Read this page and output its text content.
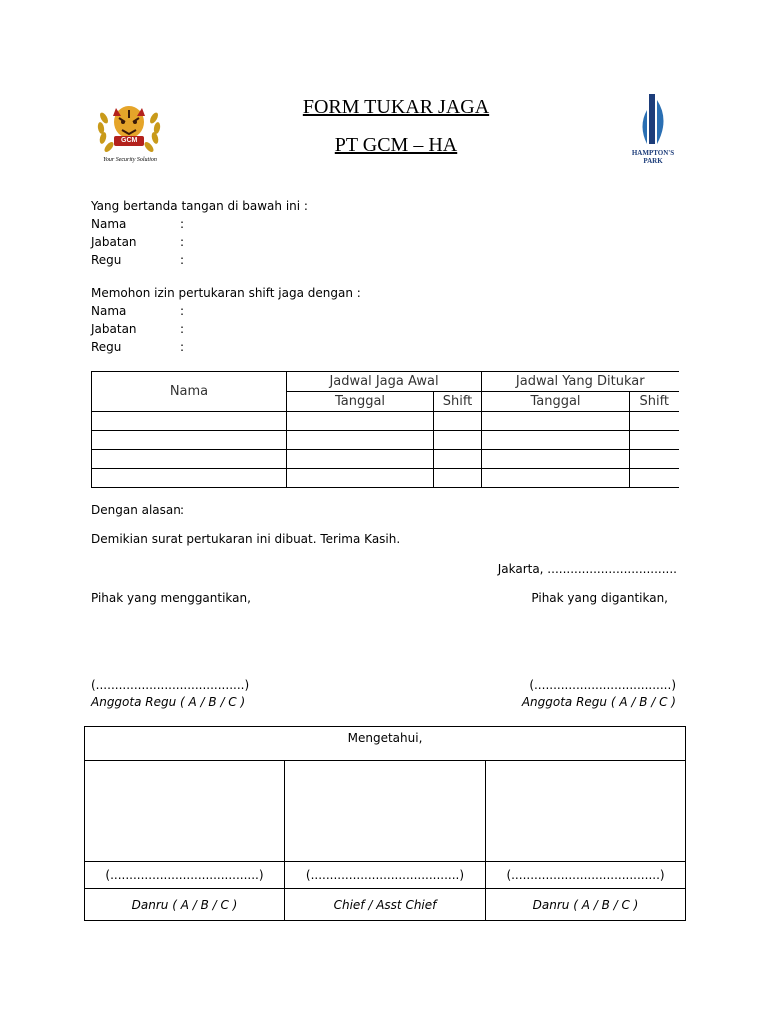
GCM
Your Security Solution
FORM TUKAR JAGA
PT GCM – HA	HAMPTON'S
PARK
Yang bertanda tangan di bawah ini :
Nama	:
Jabatan	:
Regu	:
Memohon izin pertukaran shift jaga dengan :
Nama	:
Jabatan	:
Regu	:
Nama	Jadwal Jaga Awal		Jadwal Yang Ditukar	
	Tanggal	Shift	Tanggal	Shift

Dengan alasan :
Demikian surat pertukaran ini dibuat. Terima Kasih.
Jakarta, ..................................
Pihak yang menggantikan,	Pihak yang digantikan,
(.......................................)	(....................................)
Anggota Regu ( A / B / C )	Anggota Regu ( A / B / C )
Mengetahui,		

(.......................................)	(.......................................)	(.......................................)
Danru ( A / B / C )	Chief / Asst Chief	Danru ( A / B / C )
